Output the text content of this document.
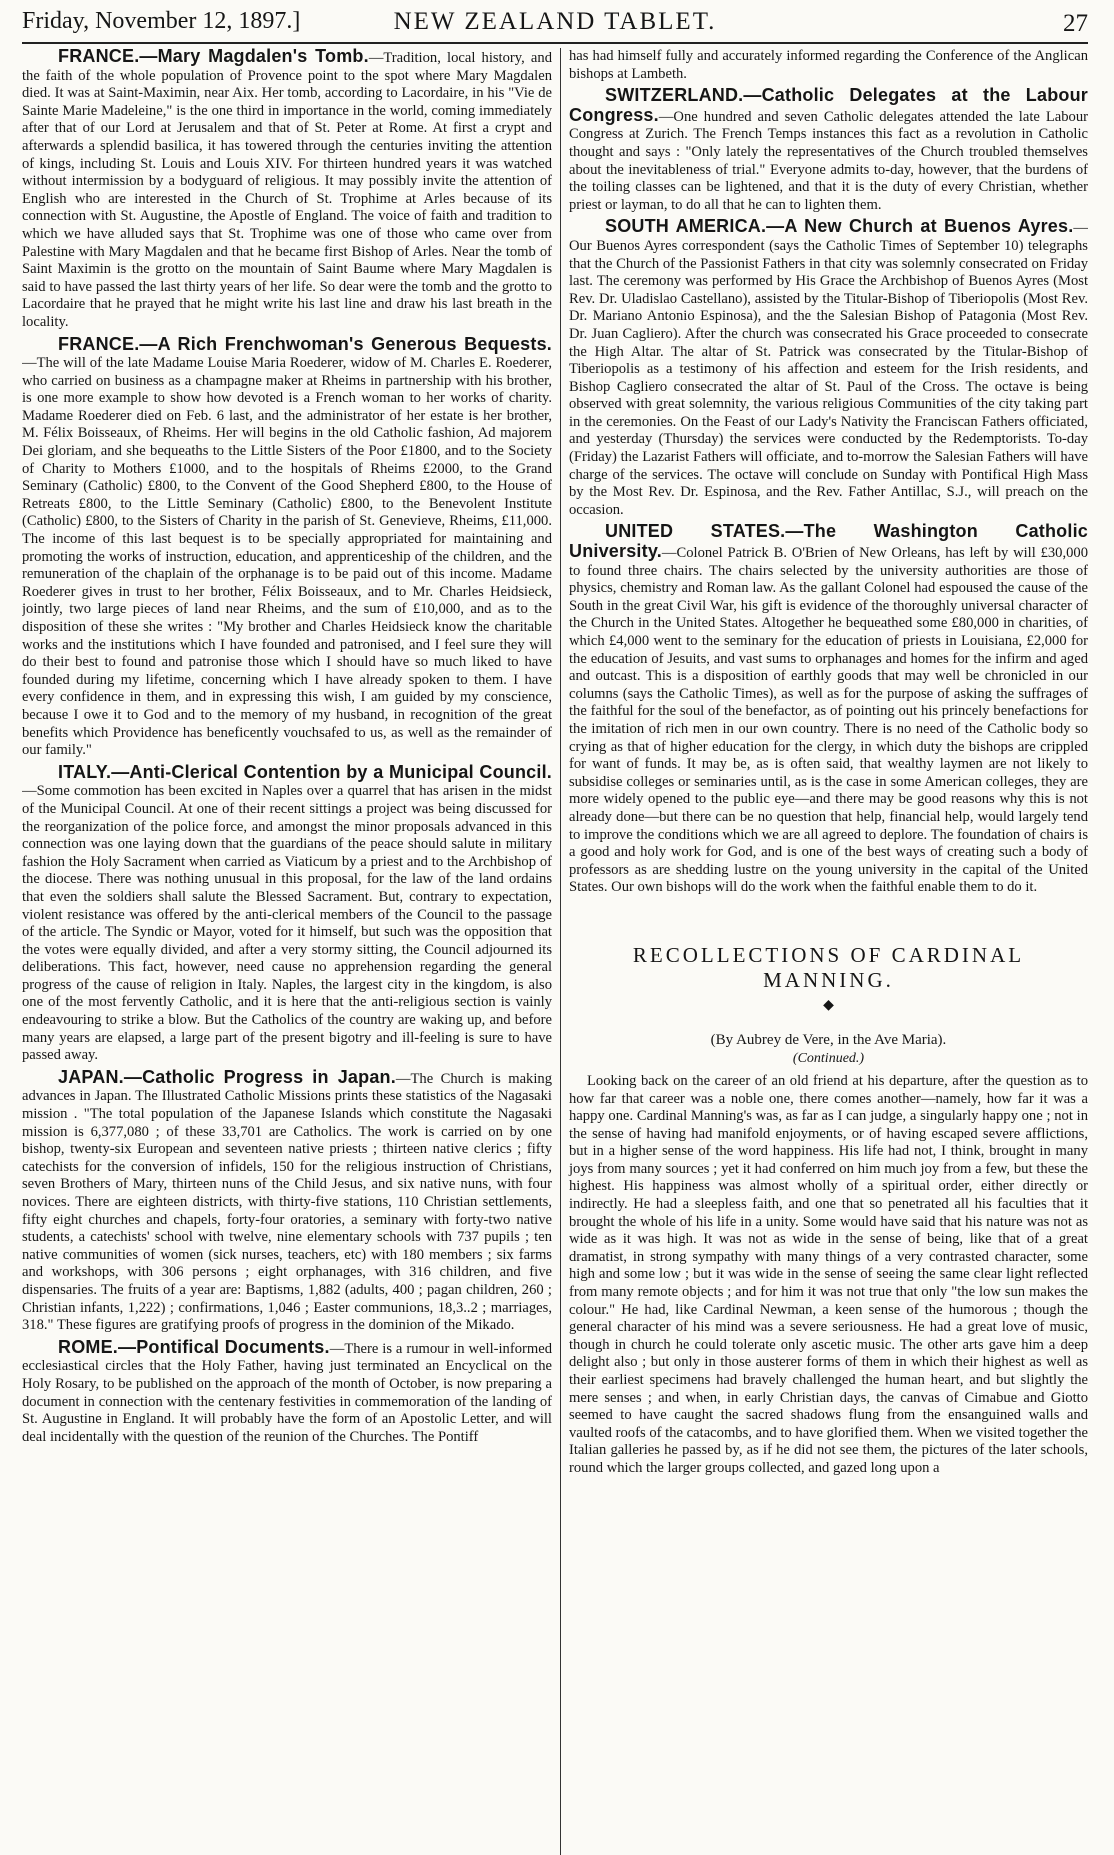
Friday, November 12, 1897.]	NEW ZEALAND TABLET.	27
FRANCE.—Mary Magdalen's Tomb.—Tradition, local history, and the faith of the whole population of Provence point to the spot where Mary Magdalen died. It was at Saint-Maximin, near Aix. Her tomb, according to Lacordaire, in his "Vie de Sainte Marie Madeleine," is the one third in importance in the world, coming immediately after that of our Lord at Jerusalem and that of St. Peter at Rome. At first a crypt and afterwards a splendid basilica, it has towered through the centuries inviting the attention of kings, including St. Louis and Louis XIV. For thirteen hundred years it was watched without intermission by a bodyguard of religious. It may possibly invite the attention of English who are interested in the Church of St. Trophime at Arles because of its connection with St. Augustine, the Apostle of England. The voice of faith and tradition to which we have alluded says that St. Trophime was one of those who came over from Palestine with Mary Magdalen and that he became first Bishop of Arles. Near the tomb of Saint Maximin is the grotto on the mountain of Saint Baume where Mary Magdalen is said to have passed the last thirty years of her life. So dear were the tomb and the grotto to Lacordaire that he prayed that he might write his last line and draw his last breath in the locality.
FRANCE.—A Rich Frenchwoman's Generous Bequests.—The will of the late Madame Louise Maria Roederer, widow of M. Charles E. Roederer, who carried on business as a champagne maker at Rheims in partnership with his brother, is one more example to show how devoted is a French woman to her works of charity. Madame Roederer died on Feb. 6 last, and the administrator of her estate is her brother, M. Félix Boisseaux, of Rheims. Her will begins in the old Catholic fashion, Ad majorem Dei gloriam, and she bequeaths to the Little Sisters of the Poor £1800, and to the Society of Charity to Mothers £1000, and to the hospitals of Rheims £2000, to the Grand Seminary (Catholic) £800, to the Convent of the Good Shepherd £800, to the House of Retreats £800, to the Little Seminary (Catholic) £800, to the Benevolent Institute (Catholic) £800, to the Sisters of Charity in the parish of St. Genevieve, Rheims, £11,000. The income of this last bequest is to be specially appropriated for maintaining and promoting the works of instruction, education, and apprenticeship of the children, and the remuneration of the chaplain of the orphanage is to be paid out of this income. Madame Roederer gives in trust to her brother, Félix Boisseaux, and to Mr. Charles Heidsieck, jointly, two large pieces of land near Rheims, and the sum of £10,000, and as to the disposition of these she writes : "My brother and Charles Heidsieck know the charitable works and the institutions which I have founded and patronised, and I feel sure they will do their best to found and patronise those which I should have so much liked to have founded during my lifetime, concerning which I have already spoken to them. I have every confidence in them, and in expressing this wish, I am guided by my conscience, because I owe it to God and to the memory of my husband, in recognition of the great benefits which Providence has beneficently vouchsafed to us, as well as the remainder of our family."
ITALY.—Anti-Clerical Contention by a Municipal Council.—Some commotion has been excited in Naples over a quarrel that has arisen in the midst of the Municipal Council. At one of their recent sittings a project was being discussed for the reorganization of the police force, and amongst the minor proposals advanced in this connection was one laying down that the guardians of the peace should salute in military fashion the Holy Sacrament when carried as Viaticum by a priest and to the Archbishop of the diocese. There was nothing unusual in this proposal, for the law of the land ordains that even the soldiers shall salute the Blessed Sacrament. But, contrary to expectation, violent resistance was offered by the anti-clerical members of the Council to the passage of the article. The Syndic or Mayor, voted for it himself, but such was the opposition that the votes were equally divided, and after a very stormy sitting, the Council adjourned its deliberations. This fact, however, need cause no apprehension regarding the general progress of the cause of religion in Italy. Naples, the largest city in the kingdom, is also one of the most fervently Catholic, and it is here that the anti-religious section is vainly endeavouring to strike a blow. But the Catholics of the country are waking up, and before many years are elapsed, a large part of the present bigotry and ill-feeling is sure to have passed away.
JAPAN.—Catholic Progress in Japan.—The Church is making advances in Japan. The Illustrated Catholic Missions prints these statistics of the Nagasaki mission . "The total population of the Japanese Islands which constitute the Nagasaki mission is 6,377,080 ; of these 33,701 are Catholics. The work is carried on by one bishop, twenty-six European and seventeen native priests ; thirteen native clerics ; fifty catechists for the conversion of infidels, 150 for the religious instruction of Christians, seven Brothers of Mary, thirteen nuns of the Child Jesus, and six native nuns, with four novices. There are eighteen districts, with thirty-five stations, 110 Christian settlements, fifty eight churches and chapels, forty-four oratories, a seminary with forty-two native students, a catechists' school with twelve, nine elementary schools with 737 pupils ; ten native communities of women (sick nurses, teachers, etc) with 180 members ; six farms and workshops, with 306 persons ; eight orphanages, with 316 children, and five dispensaries. The fruits of a year are: Baptisms, 1,882 (adults, 400 ; pagan children, 260 ; Christian infants, 1,222) ; confirmations, 1,046 ; Easter communions, 18,3..2 ; marriages, 318." These figures are gratifying proofs of progress in the dominion of the Mikado.
ROME.—Pontifical Documents.—There is a rumour in well-informed ecclesiastical circles that the Holy Father, having just terminated an Encyclical on the Holy Rosary, to be published on the approach of the month of October, is now preparing a document in connection with the centenary festivities in commemoration of the landing of St. Augustine in England. It will probably have the form of an Apostolic Letter, and will deal incidentally with the question of the reunion of the Churches. The Pontiff
has had himself fully and accurately informed regarding the Conference of the Anglican bishops at Lambeth.
SWITZERLAND.—Catholic Delegates at the Labour Congress.—One hundred and seven Catholic delegates attended the late Labour Congress at Zurich. The French Temps instances this fact as a revolution in Catholic thought and says : "Only lately the representatives of the Church troubled themselves about the inevitableness of trial." Everyone admits to-day, however, that the burdens of the toiling classes can be lightened, and that it is the duty of every Christian, whether priest or layman, to do all that he can to lighten them.
SOUTH AMERICA.—A New Church at Buenos Ayres.— Our Buenos Ayres correspondent (says the Catholic Times of September 10) telegraphs that the Church of the Passionist Fathers in that city was solemnly consecrated on Friday last. The ceremony was performed by His Grace the Archbishop of Buenos Ayres (Most Rev. Dr. Uladislao Castellano), assisted by the Titular-Bishop of Tiberiopolis (Most Rev. Dr. Mariano Antonio Espinosa), and the the Salesian Bishop of Patagonia (Most Rev. Dr. Juan Cagliero). After the church was consecrated his Grace proceeded to consecrate the High Altar. The altar of St. Patrick was consecrated by the Titular-Bishop of Tiberiopolis as a testimony of his affection and esteem for the Irish residents, and Bishop Cagliero consecrated the altar of St. Paul of the Cross. The octave is being observed with great solemnity, the various religious Communities of the city taking part in the ceremonies. On the Feast of our Lady's Nativity the Franciscan Fathers officiated, and yesterday (Thursday) the services were conducted by the Redemptorists. To-day (Friday) the Lazarist Fathers will officiate, and to-morrow the Salesian Fathers will have charge of the services. The octave will conclude on Sunday with Pontifical High Mass by the Most Rev. Dr. Espinosa, and the Rev. Father Antillac, S.J., will preach on the occasion.
UNITED STATES.—The Washington Catholic University.—Colonel Patrick B. O'Brien of New Orleans, has left by will £30,000 to found three chairs. The chairs selected by the university authorities are those of physics, chemistry and Roman law. As the gallant Colonel had espoused the cause of the South in the great Civil War, his gift is evidence of the thoroughly universal character of the Church in the United States. Altogether he bequeathed some £80,000 in charities, of which £4,000 went to the seminary for the education of priests in Louisiana, £2,000 for the education of Jesuits, and vast sums to orphanages and homes for the infirm and aged and outcast. This is a disposition of earthly goods that may well be chronicled in our columns (says the Catholic Times), as well as for the purpose of asking the suffrages of the faithful for the soul of the benefactor, as of pointing out his princely benefactions for the imitation of rich men in our own country. There is no need of the Catholic body so crying as that of higher education for the clergy, in which duty the bishops are crippled for want of funds. It may be, as is often said, that wealthy laymen are not likely to subsidise colleges or seminaries until, as is the case in some American colleges, they are more widely opened to the public eye—and there may be good reasons why this is not already done—but there can be no question that help, financial help, would largely tend to improve the conditions which we are all agreed to deplore. The foundation of chairs is a good and holy work for God, and is one of the best ways of creating such a body of professors as are shedding lustre on the young university in the capital of the United States. Our own bishops will do the work when the faithful enable them to do it.
RECOLLECTIONS OF CARDINAL MANNING.
◆
(By Aubrey de Vere, in the Ave Maria).
(Continued.)

Looking back on the career of an old friend at his departure, after the question as to how far that career was a noble one, there comes another—namely, how far it was a happy one. Cardinal Manning's was, as far as I can judge, a singularly happy one ; not in the sense of having had manifold enjoyments, or of having escaped severe afflictions, but in a higher sense of the word happiness. His life had not, I think, brought in many joys from many sources ; yet it had conferred on him much joy from a few, but these the highest. His happiness was almost wholly of a spiritual order, either directly or indirectly. He had a sleepless faith, and one that so penetrated all his faculties that it brought the whole of his life in a unity. Some would have said that his nature was not as wide as it was high. It was not as wide in the sense of being, like that of a great dramatist, in strong sympathy with many things of a very contrasted character, some high and some low ; but it was wide in the sense of seeing the same clear light reflected from many remote objects ; and for him it was not true that only "the low sun makes the colour." He had, like Cardinal Newman, a keen sense of the humorous ; though the general character of his mind was a severe seriousness. He had a great love of music, though in church he could tolerate only ascetic music. The other arts gave him a deep delight also ; but only in those austerer forms of them in which their highest as well as their earliest specimens had bravely challenged the human heart, and but slightly the mere senses ; and when, in early Christian days, the canvas of Cimabue and Giotto seemed to have caught the sacred shadows flung from the ensanguined walls and vaulted roofs of the catacombs, and to have glorified them. When we visited together the Italian galleries he passed by, as if he did not see them, the pictures of the later schools, round which the larger groups collected, and gazed long upon a
